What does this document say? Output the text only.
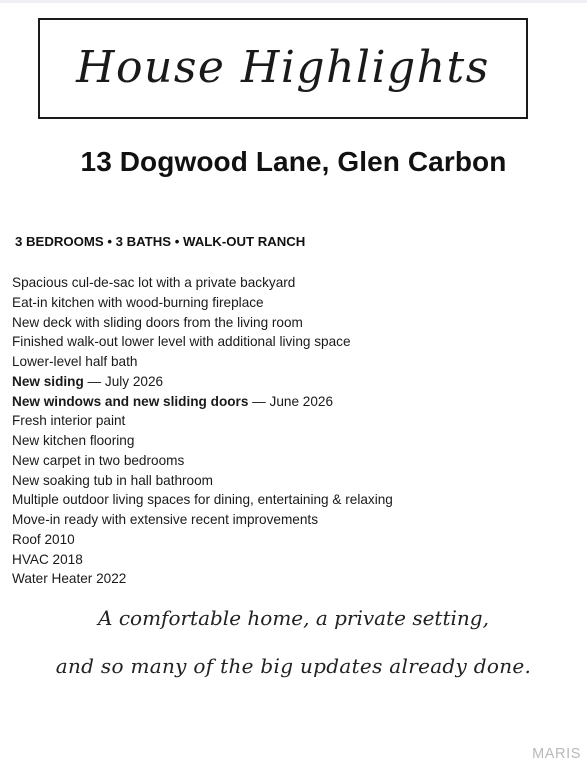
House Highlights
13 Dogwood Lane, Glen Carbon
3 BEDROOMS • 3 BATHS • WALK-OUT RANCH
Spacious cul-de-sac lot with a private backyard
Eat-in kitchen with wood-burning fireplace
New deck with sliding doors from the living room
Finished walk-out lower level with additional living space
Lower-level half bath
New siding — July 2026
New windows and new sliding doors — June 2026
Fresh interior paint
New kitchen flooring
New carpet in two bedrooms
New soaking tub in hall bathroom
Multiple outdoor living spaces for dining, entertaining & relaxing
Move-in ready with extensive recent improvements
Roof 2010
HVAC 2018
Water Heater 2022
A comfortable home, a private setting,
and so many of the big updates already done.
MARIS
